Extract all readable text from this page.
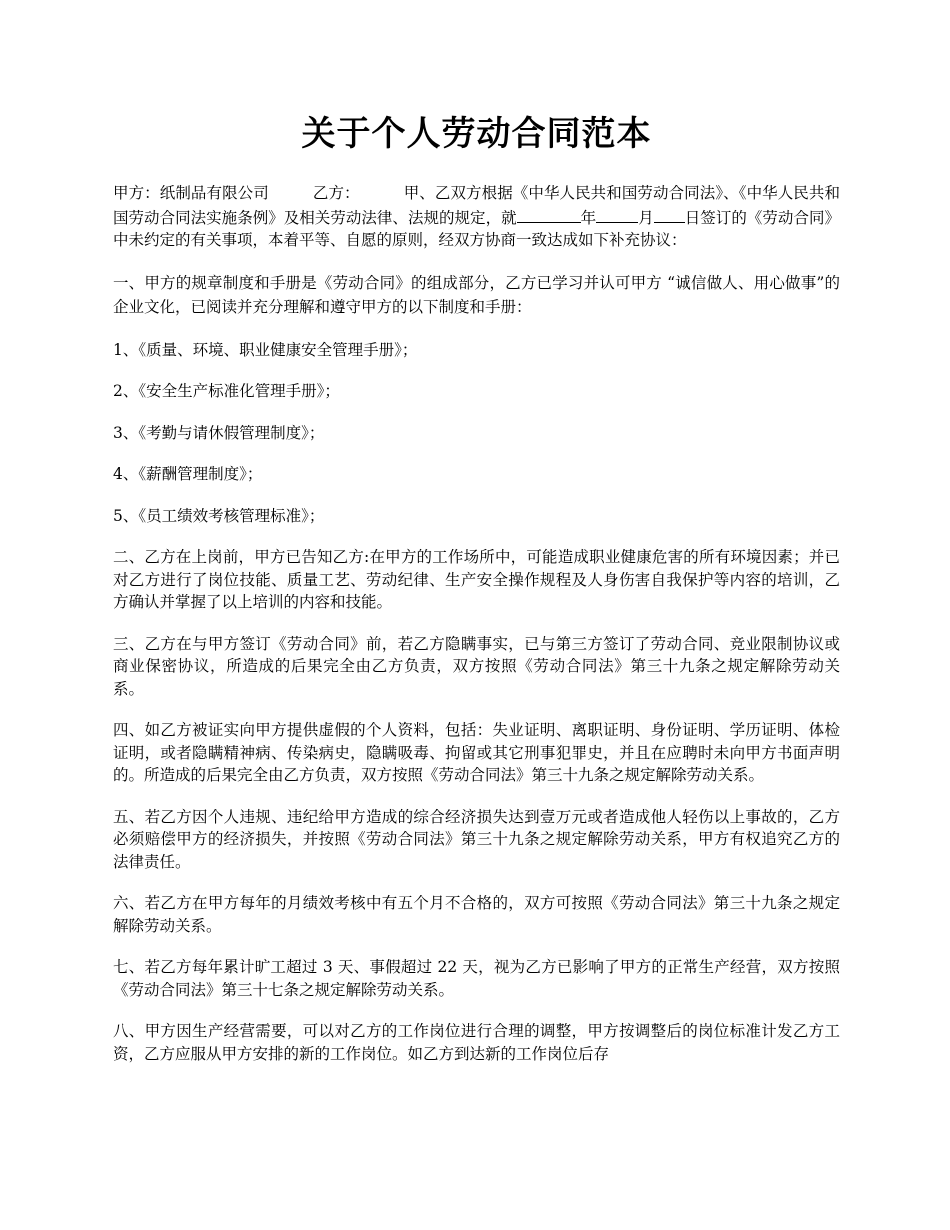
关于个人劳动合同范本

甲方：纸制品有限公司	乙方：	甲、乙双方根据《中华人民共和国劳动合同法》、《中华人民共和国劳动合同法实施条例》及相关劳动法律、法规的规定，就	年	月 日签订的《劳动合同》中未约定的有关事项，本着平等、自愿的原则，经双方协商一致达成如下补充协议：

一、甲方的规章制度和手册是《劳动合同》的组成部分，乙方已学习并认可甲方 “诚信做人、用心做事”的企业文化，已阅读并充分理解和遵守甲方的以下制度和手册：

1、《质量、环境、职业健康安全管理手册》；

2、《安全生产标准化管理手册》；

3、《考勤与请休假管理制度》；

4、《薪酬管理制度》；

5、《员工绩效考核管理标准》；

二、乙方在上岗前，甲方已告知乙方:在甲方的工作场所中，可能造成职业健康危害的所有环境因素；并已对乙方进行了岗位技能、质量工艺、劳动纪律、生产安全操作规程及人身伤害自我保护等内容的培训，乙方确认并掌握了以上培训的内容和技能。

三、乙方在与甲方签订《劳动合同》前，若乙方隐瞒事实，已与第三方签订了劳动合同、竞业限制协议或商业保密协议，所造成的后果完全由乙方负责，双方按照《劳动合同法》第三十九条之规定解除劳动关系。

四、如乙方被证实向甲方提供虚假的个人资料，包括：失业证明、离职证明、身份证明、学历证明、体检证明，或者隐瞒精神病、传染病史，隐瞒吸毒、拘留或其它刑事犯罪史，并且在应聘时未向甲方书面声明的。所造成的后果完全由乙方负责，双方按照《劳动合同法》第三十九条之规定解除劳动关系。

五、若乙方因个人违规、违纪给甲方造成的综合经济损失达到壹万元或者造成他人轻伤以上事故的，乙方必须赔偿甲方的经济损失，并按照《劳动合同法》第三十九条之规定解除劳动关系，甲方有权追究乙方的法律责任。

六、若乙方在甲方每年的月绩效考核中有五个月不合格的，双方可按照《劳动合同法》第三十九条之规定解除劳动关系。

七、若乙方每年累计旷工超过 3 天、事假超过 22 天，视为乙方已影响了甲方的正常生产经营，双方按照《劳动合同法》第三十七条之规定解除劳动关系。

八、甲方因生产经营需要，可以对乙方的工作岗位进行合理的调整，甲方按调整后的岗位标准计发乙方工资，乙方应服从甲方安排的新的工作岗位。如乙方到达新的工作岗位后存
